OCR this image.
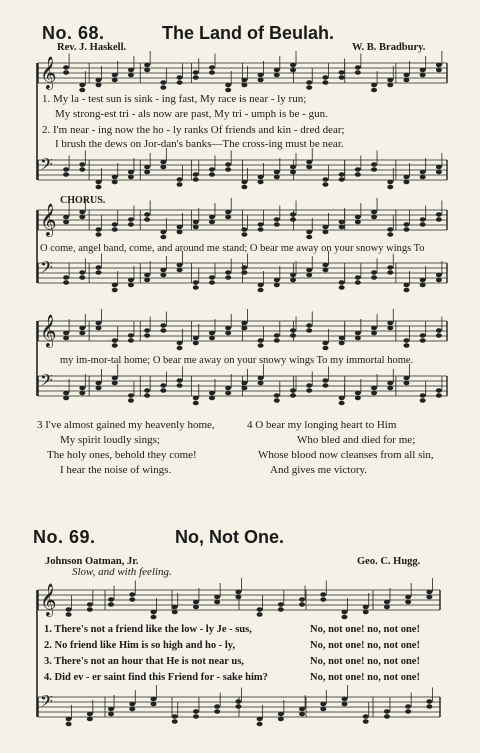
𝄞
𝄢
𝄞
𝄢
𝄞
𝄢
𝄞
𝄢
No. 68.	The Land of Beulah.
Rev. J. Haskell.	W. B. Bradbury.
1. My la - test sun is sink - ing fast, My race is near - ly run;
My strong-est tri - als now are past, My tri - umph is be - gun.
2. I'm near - ing now the ho - ly ranks Of friends and kin - dred dear;
I brush the dews on Jor-dan's banks—The cross-ing must be near.
CHORUS.
O come, angel band, come, and around me stand; O bear me away on your snowy wings To
my im-mor-tal home; O bear me away on your snowy wings To my immortal home.
3 I've almost gained my heavenly home,
My spirit loudly sings;
The holy ones, behold they come!
I hear the noise of wings.
4 O bear my longing heart to Him
Who bled and died for me;
Whose blood now cleanses from all sin,
And gives me victory.
No. 69.	No, Not One.
Johnson Oatman, Jr.	Geo. C. Hugg.
Slow, and with feeling.
1. There's not a friend like the low - ly Je - sus,
2. No friend like Him is so high and ho - ly,
3. There's not an hour that He is not near us,
4. Did ev - er saint find this Friend for - sake him?
No, not one! no, not one!
No, not one! no, not one!
No, not one! no, not one!
No, not one! no, not one!
